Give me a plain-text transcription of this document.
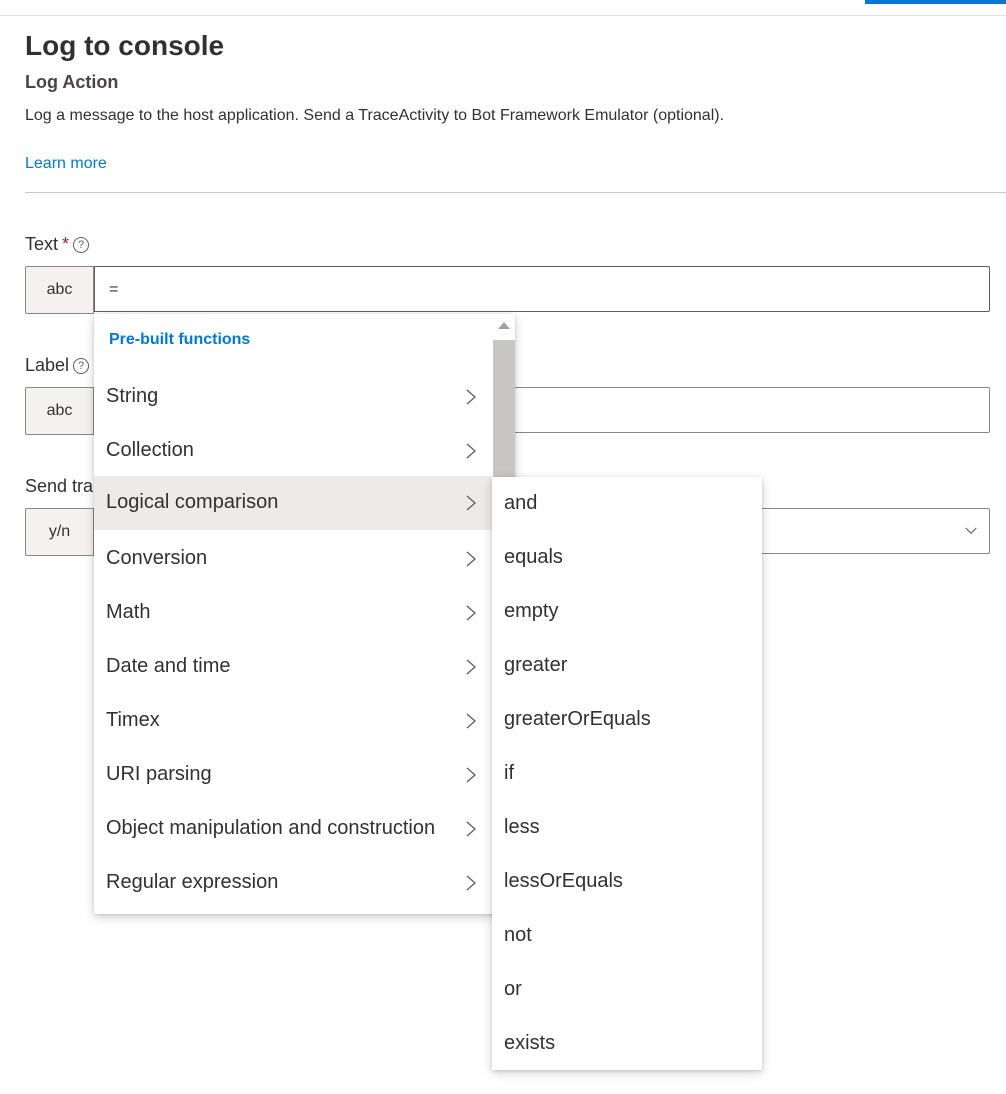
Log to console
Log Action
Log a message to the host application. Send a TraceActivity to Bot Framework Emulator (optional).
Learn more
Text * ?
abc	=
Label ?
abc
Send tra
y/n
Pre-built functions
String
Collection
Logical comparison
Conversion
Math
Date and time
Timex
URI parsing
Object manipulation and construction
Regular expression
and
equals
empty
greater
greaterOrEquals
if
less
lessOrEquals
not
or
exists
